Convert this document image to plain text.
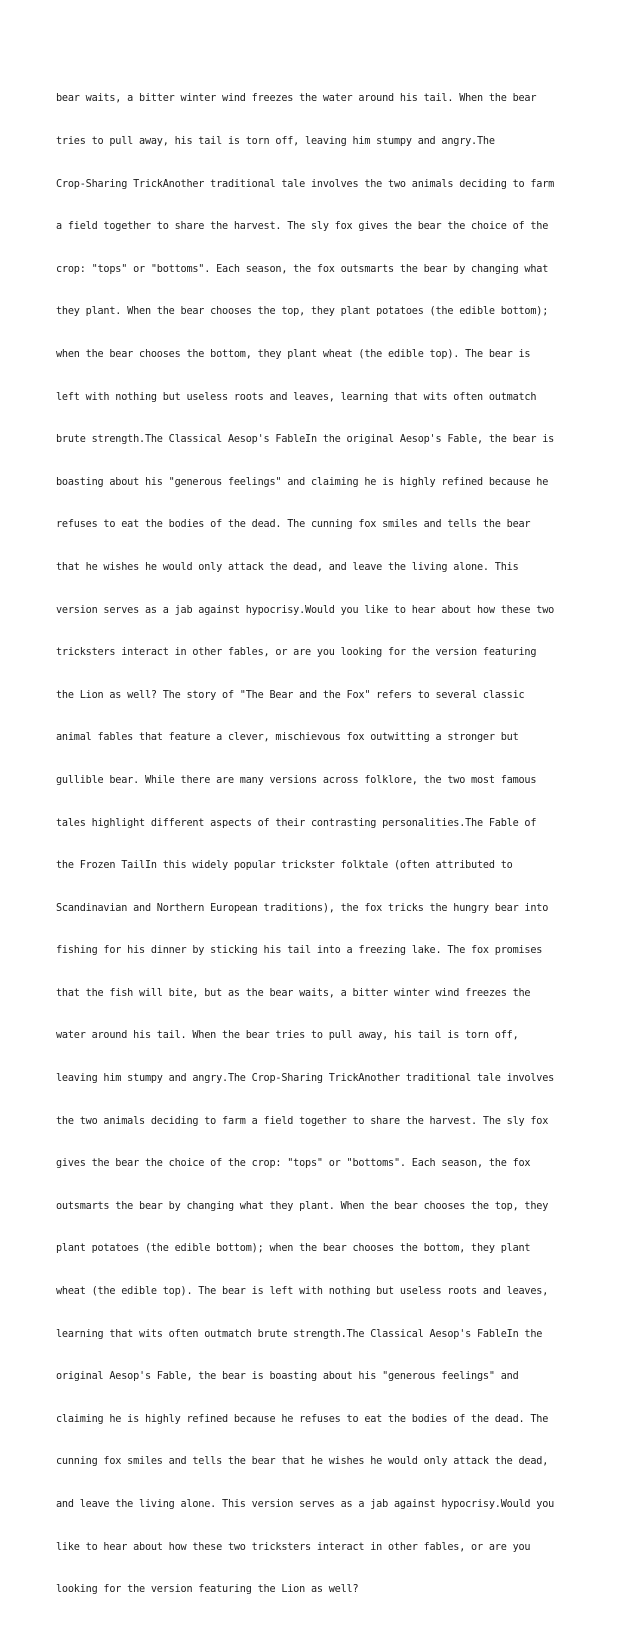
bear waits, a bitter winter wind freezes the water around his tail. When the bear

tries to pull away, his tail is torn off, leaving him stumpy and angry.The

Crop-Sharing TrickAnother traditional tale involves the two animals deciding to farm

a field together to share the harvest. The sly fox gives the bear the choice of the

crop: "tops" or "bottoms". Each season, the fox outsmarts the bear by changing what

they plant. When the bear chooses the top, they plant potatoes (the edible bottom);

when the bear chooses the bottom, they plant wheat (the edible top). The bear is

left with nothing but useless roots and leaves, learning that wits often outmatch

brute strength.The Classical Aesop's FableIn the original Aesop's Fable, the bear is

boasting about his "generous feelings" and claiming he is highly refined because he

refuses to eat the bodies of the dead. The cunning fox smiles and tells the bear

that he wishes he would only attack the dead, and leave the living alone. This

version serves as a jab against hypocrisy.Would you like to hear about how these two

tricksters interact in other fables, or are you looking for the version featuring

the Lion as well? The story of "The Bear and the Fox" refers to several classic

animal fables that feature a clever, mischievous fox outwitting a stronger but

gullible bear. While there are many versions across folklore, the two most famous

tales highlight different aspects of their contrasting personalities.The Fable of

the Frozen TailIn this widely popular trickster folktale (often attributed to

Scandinavian and Northern European traditions), the fox tricks the hungry bear into

fishing for his dinner by sticking his tail into a freezing lake. The fox promises

that the fish will bite, but as the bear waits, a bitter winter wind freezes the

water around his tail. When the bear tries to pull away, his tail is torn off,

leaving him stumpy and angry.The Crop-Sharing TrickAnother traditional tale involves

the two animals deciding to farm a field together to share the harvest. The sly fox

gives the bear the choice of the crop: "tops" or "bottoms". Each season, the fox

outsmarts the bear by changing what they plant. When the bear chooses the top, they

plant potatoes (the edible bottom); when the bear chooses the bottom, they plant

wheat (the edible top). The bear is left with nothing but useless roots and leaves,

learning that wits often outmatch brute strength.The Classical Aesop's FableIn the

original Aesop's Fable, the bear is boasting about his "generous feelings" and

claiming he is highly refined because he refuses to eat the bodies of the dead. The

cunning fox smiles and tells the bear that he wishes he would only attack the dead,

and leave the living alone. This version serves as a jab against hypocrisy.Would you

like to hear about how these two tricksters interact in other fables, or are you

looking for the version featuring the Lion as well?
